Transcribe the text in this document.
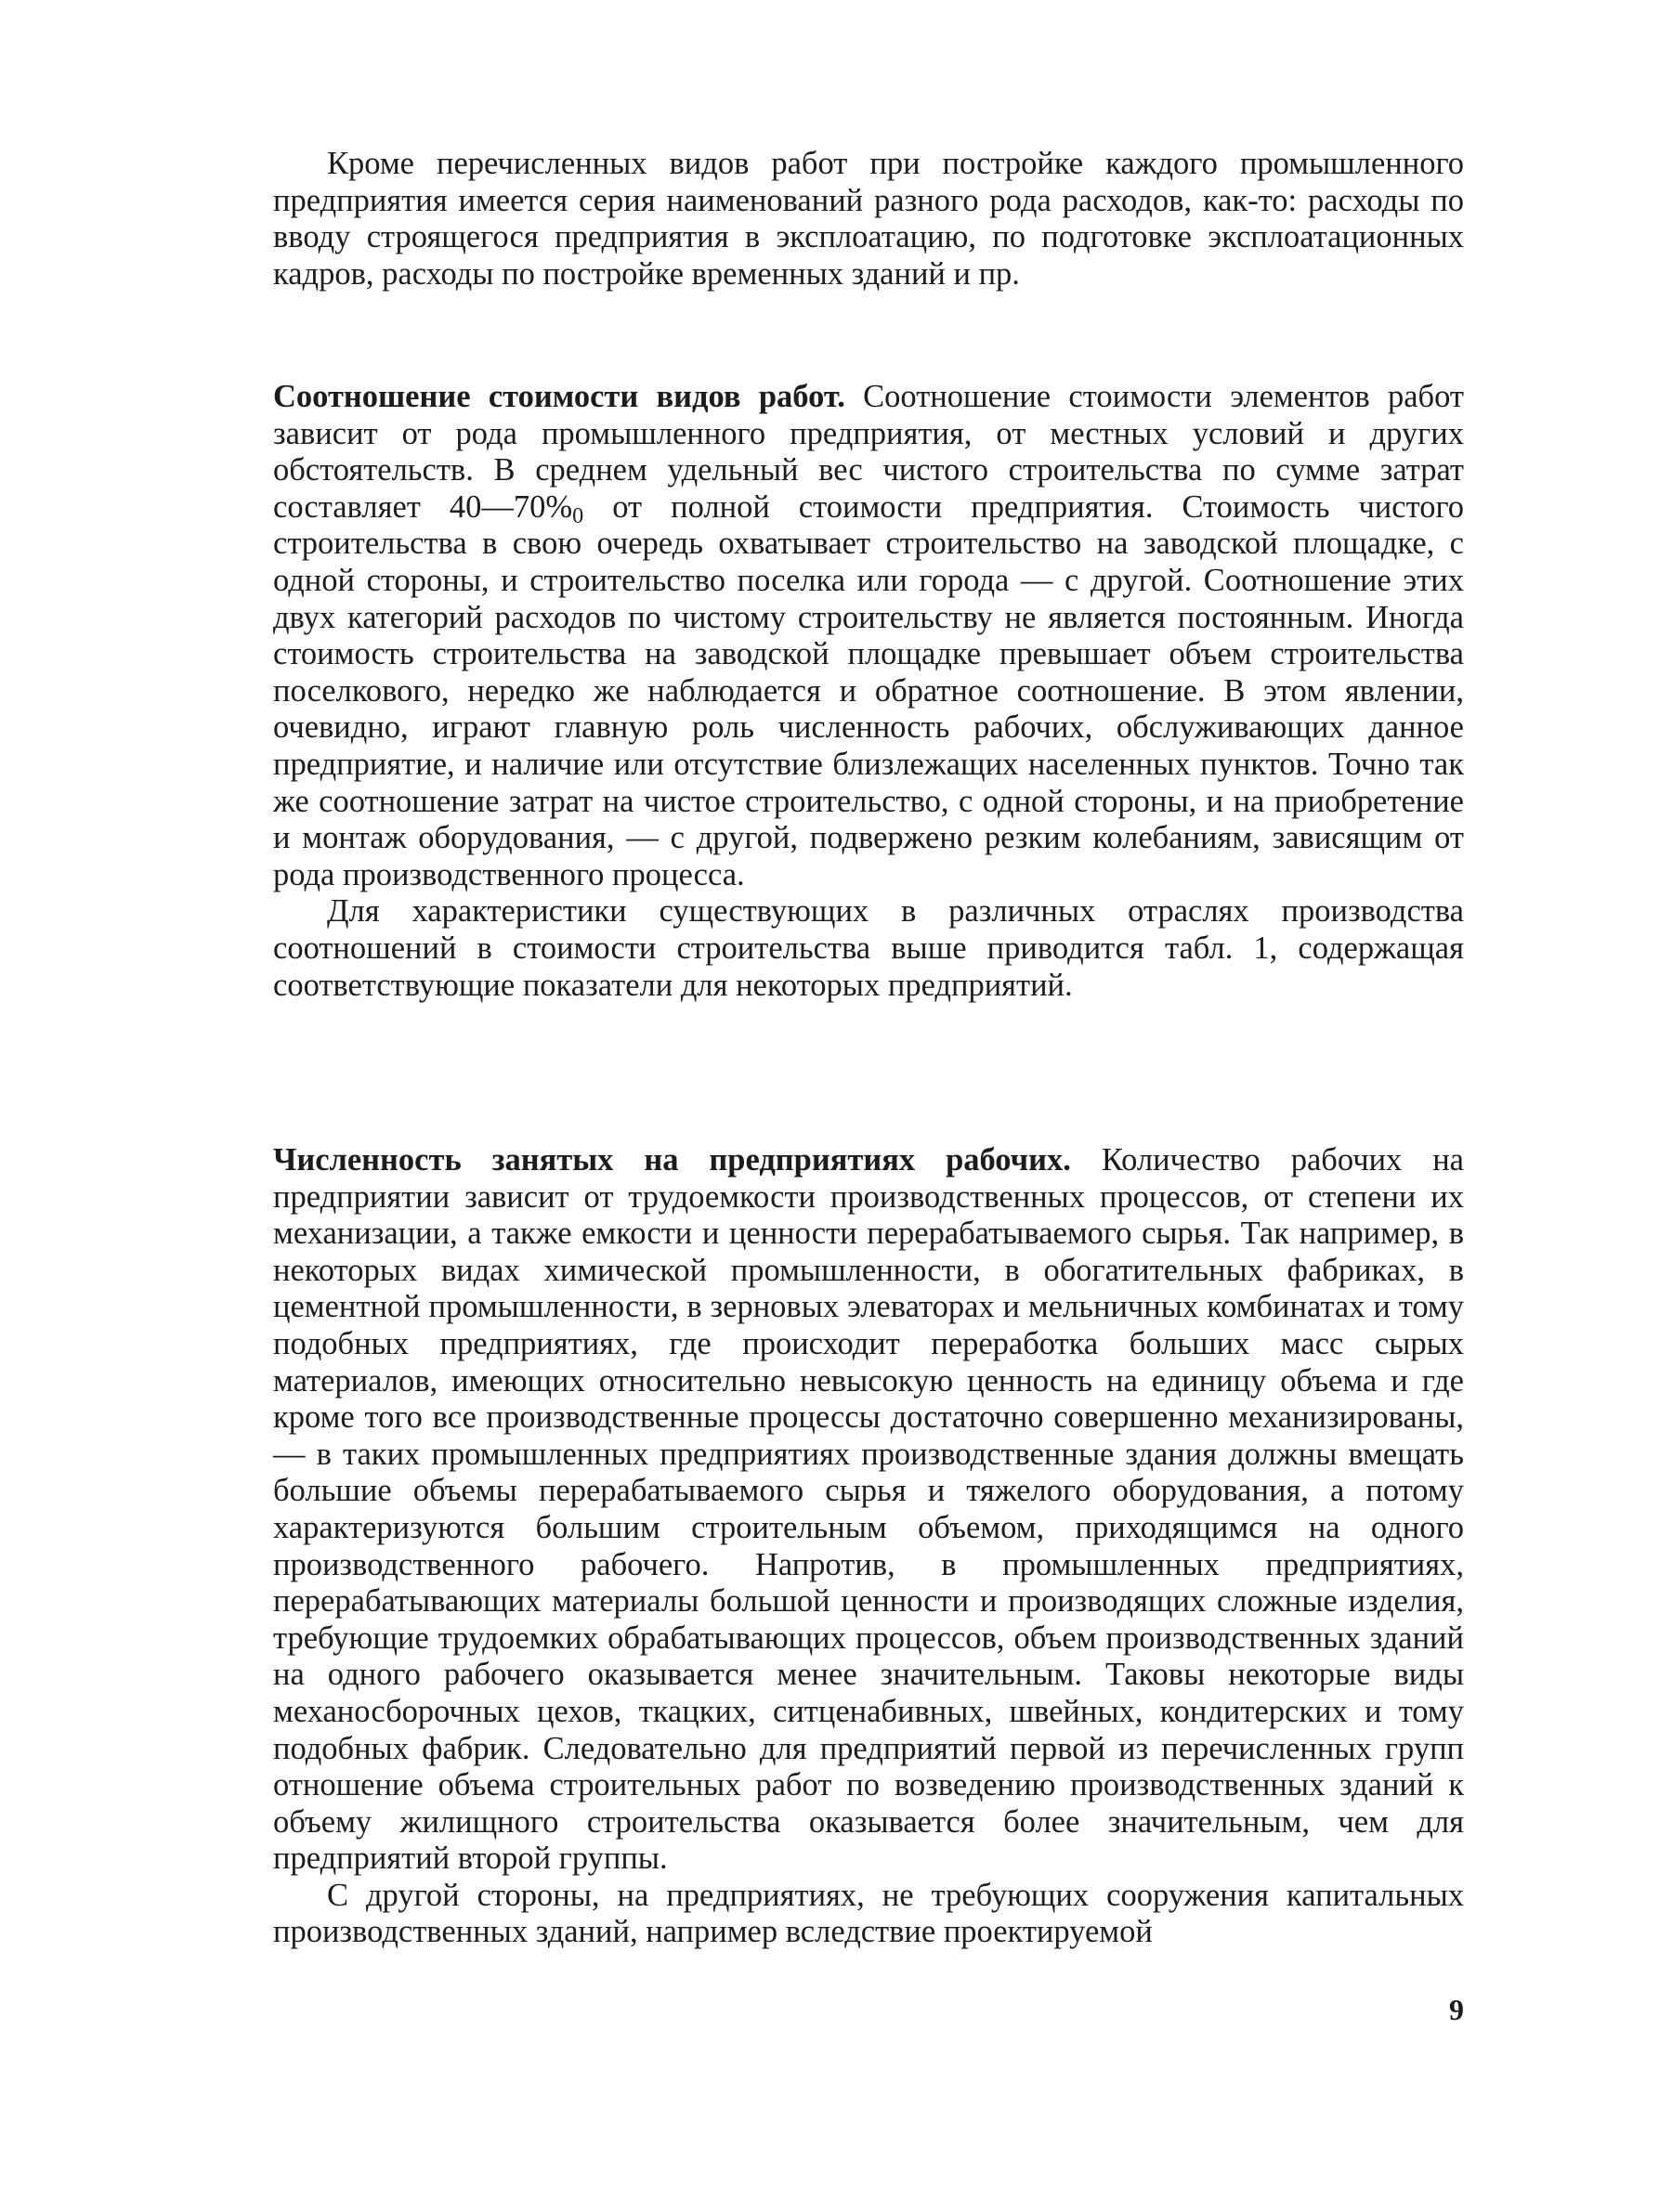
Кроме перечисленных видов работ при постройке каждого промышленного предприятия имеется серия наименований разного рода расходов, как-то: расходы по вводу строящегося предприятия в эксплоатацию, по подготовке эксплоатационных кадров, расходы по постройке временных зданий и пр.

Соотношение стоимости видов работ. Соотношение стоимости элементов работ зависит от рода промышленного предприятия, от местных условий и других обстоятельств. В среднем удельный вес чистого строительства по сумме затрат составляет $40—70\%_0$ от полной стоимости предприятия. Стоимость чистого строительства в свою очередь охватывает строительство на заводской площадке, с одной стороны, и строительство поселка или города — с другой. Соотношение этих двух категорий расходов по чистому строительству не является постоянным. Иногда стоимость строительства на заводской площадке превышает объем строительства поселкового, нередко же наблюдается и обратное соотношение. В этом явлении, очевидно, играют главную роль численность рабочих, обслуживающих данное предприятие, и наличие или отсутствие близлежащих населенных пунктов. Точно так же соотношение затрат на чистое строительство, с одной стороны, и на приобретение и монтаж оборудования, — с другой, подвержено резким колебаниям, зависящим от рода производственного процесса.

Для характеристики существующих в различных отраслях производства соотношений в стоимости строительства выше приводится табл. 1, содержащая соответствующие показатели для некоторых предприятий.

Численность занятых на предприятиях рабочих. Количество рабочих на предприятии зависит от трудоемкости производственных процессов, от степени их механизации, а также емкости и ценности перерабатываемого сырья. Так например, в некоторых видах химической промышленности, в обогатительных фабриках, в цементной промышленности, в зерновых элеваторах и мельничных комбинатах и тому подобных предприятиях, где происходит переработка больших масс сырых материалов, имеющих относительно невысокую ценность на единицу объема и где кроме того все производственные процессы достаточно совершенно механизированы, — в таких промышленных предприятиях производственные здания должны вмещать большие объемы перерабатываемого сырья и тяжелого оборудования, а потому характеризуются большим строительным объемом, приходящимся на одного производственного рабочего. Напротив, в промышленных предприятиях, перерабатывающих материалы большой ценности и производящих сложные изделия, требующие трудоемких обрабатывающих процессов, объем производственных зданий на одного рабочего оказывается менее значительным. Таковы некоторые виды механосборочных цехов, ткацких, ситценабивных, швейных, кондитерских и тому подобных фабрик. Следовательно для предприятий первой из перечисленных групп отношение объема строительных работ по возведению производственных зданий к объему жилищного строительства оказывается более значительным, чем для предприятий второй группы.

С другой стороны, на предприятиях, не требующих сооружения капитальных производственных зданий, например вследствие проектируемой

9
